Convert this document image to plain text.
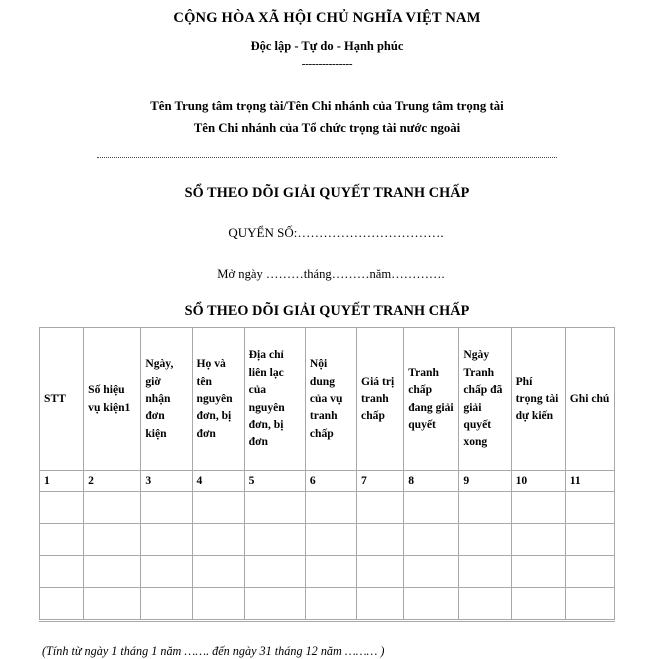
CỘNG HÒA XÃ HỘI CHỦ NGHĨA VIỆT NAM
Độc lập - Tự do - Hạnh phúc
---------------
Tên Trung tâm trọng tài/Tên Chi nhánh của Trung tâm trọng tài
Tên Chi nhánh của Tổ chức trọng tài nước ngoài
SỔ THEO DÕI GIẢI QUYẾT TRANH CHẤP
QUYỂN SỐ:…………………………….
Mở ngày ………tháng………năm………….
SỔ THEO DÕI GIẢI QUYẾT TRANH CHẤP
STT	Số hiệu vụ kiện1	Ngày, giờ nhận đơn kiện	Họ và tên nguyên đơn, bị đơn	Địa chỉ liên lạc của nguyên đơn, bị đơn	Nội dung của vụ tranh chấp	Giá trị tranh chấp	Tranh chấp đang giải quyết	Ngày Tranh chấp đã giải quyết xong	Phí trọng tài dự kiến	Ghi chú
1	2	3	4	5	6	7	8	9	10	11

(Tính từ ngày 1 tháng 1 năm ……. đến ngày 31 tháng 12 năm ……… )
